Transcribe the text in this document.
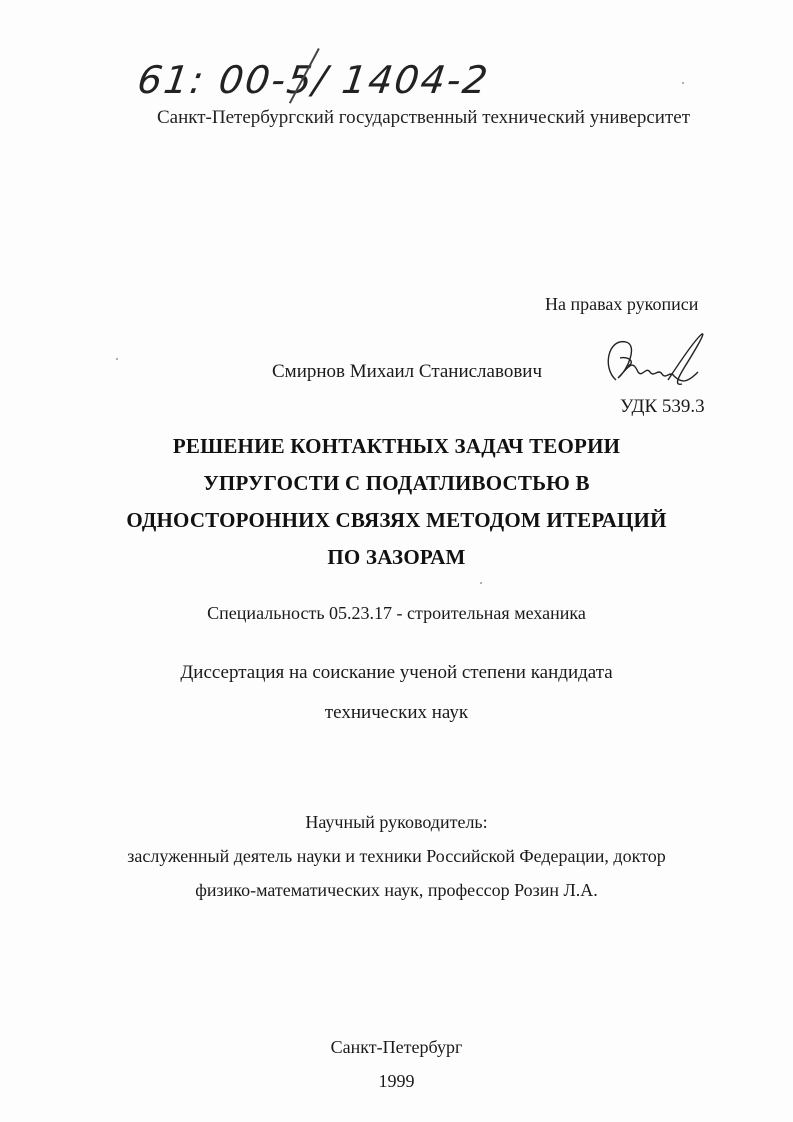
61: 00-5/ 1404-2
Санкт-Петербургский государственный технический университет
На правах рукописи
Смирнов Михаил Станиславович
УДК 539.3
РЕШЕНИЕ КОНТАКТНЫХ ЗАДАЧ ТЕОРИИ
УПРУГОСТИ С ПОДАТЛИВОСТЬЮ В
ОДНОСТОРОННИХ СВЯЗЯХ МЕТОДОМ ИТЕРАЦИЙ
ПО ЗАЗОРАМ
Специальность 05.23.17 - строительная механика
Диссертация на соискание ученой степени кандидата
технических наук
Научный руководитель:
заслуженный деятель науки и техники Российской Федерации, доктор
физико-математических наук, профессор Розин Л.А.
Санкт-Петербург
1999
